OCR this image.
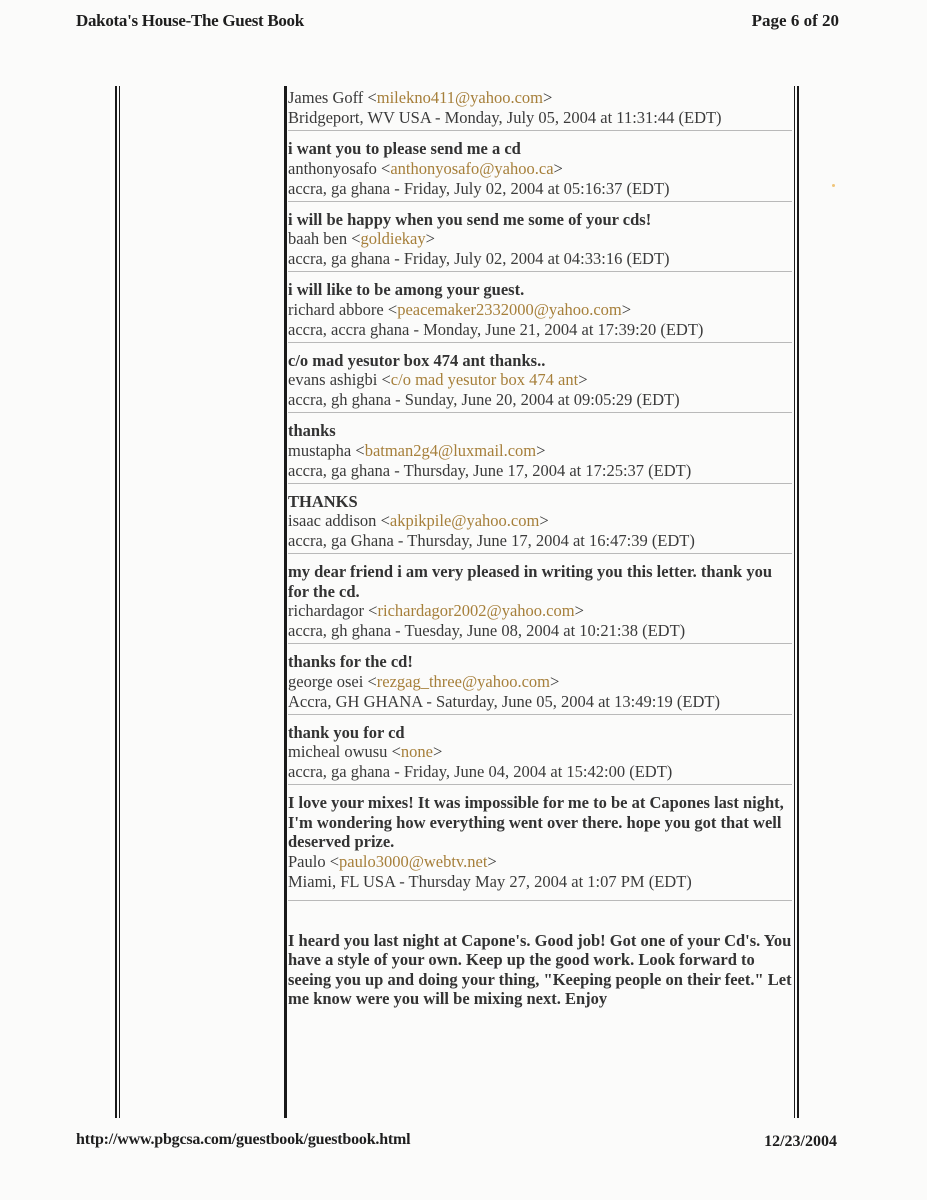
Dakota's House-The Guest Book	Page 6 of 20
James Goff <milekno411@yahoo.com>
Bridgeport, WV USA - Monday, July 05, 2004 at 11:31:44 (EDT)
i want you to please send me a cd
anthonyosafo <anthonyosafo@yahoo.ca>
accra, ga ghana - Friday, July 02, 2004 at 05:16:37 (EDT)
i will be happy when you send me some of your cds!
baah ben <goldiekay>
accra, ga ghana - Friday, July 02, 2004 at 04:33:16 (EDT)
i will like to be among your guest.
richard abbore <peacemaker2332000@yahoo.com>
accra, accra ghana - Monday, June 21, 2004 at 17:39:20 (EDT)
c/o mad yesutor box 474 ant thanks..
evans ashigbi <c/o mad yesutor box 474 ant>
accra, gh ghana - Sunday, June 20, 2004 at 09:05:29 (EDT)
thanks
mustapha <batman2g4@luxmail.com>
accra, ga ghana - Thursday, June 17, 2004 at 17:25:37 (EDT)
THANKS
isaac addison <akpikpile@yahoo.com>
accra, ga Ghana - Thursday, June 17, 2004 at 16:47:39 (EDT)
my dear friend i am very pleased in writing you this letter. thank you for the cd.
richardagor <richardagor2002@yahoo.com>
accra, gh ghana - Tuesday, June 08, 2004 at 10:21:38 (EDT)
thanks for the cd!
george osei <rezgag_three@yahoo.com>
Accra, GH GHANA - Saturday, June 05, 2004 at 13:49:19 (EDT)
thank you for cd
micheal owusu <none>
accra, ga ghana - Friday, June 04, 2004 at 15:42:00 (EDT)
I love your mixes! It was impossible for me to be at Capones last night, I'm wondering how everything went over there. hope you got that well deserved prize.
Paulo <paulo3000@webtv.net>
Miami, FL USA - Thursday May 27, 2004 at 1:07 PM (EDT)
I heard you last night at Capone's. Good job! Got one of your Cd's. You have a style of your own. Keep up the good work. Look forward to seeing you up and doing your thing, "Keeping people on their feet." Let me know were you will be mixing next. Enjoy
http://www.pbgcsa.com/guestbook/guestbook.html	12/23/2004
